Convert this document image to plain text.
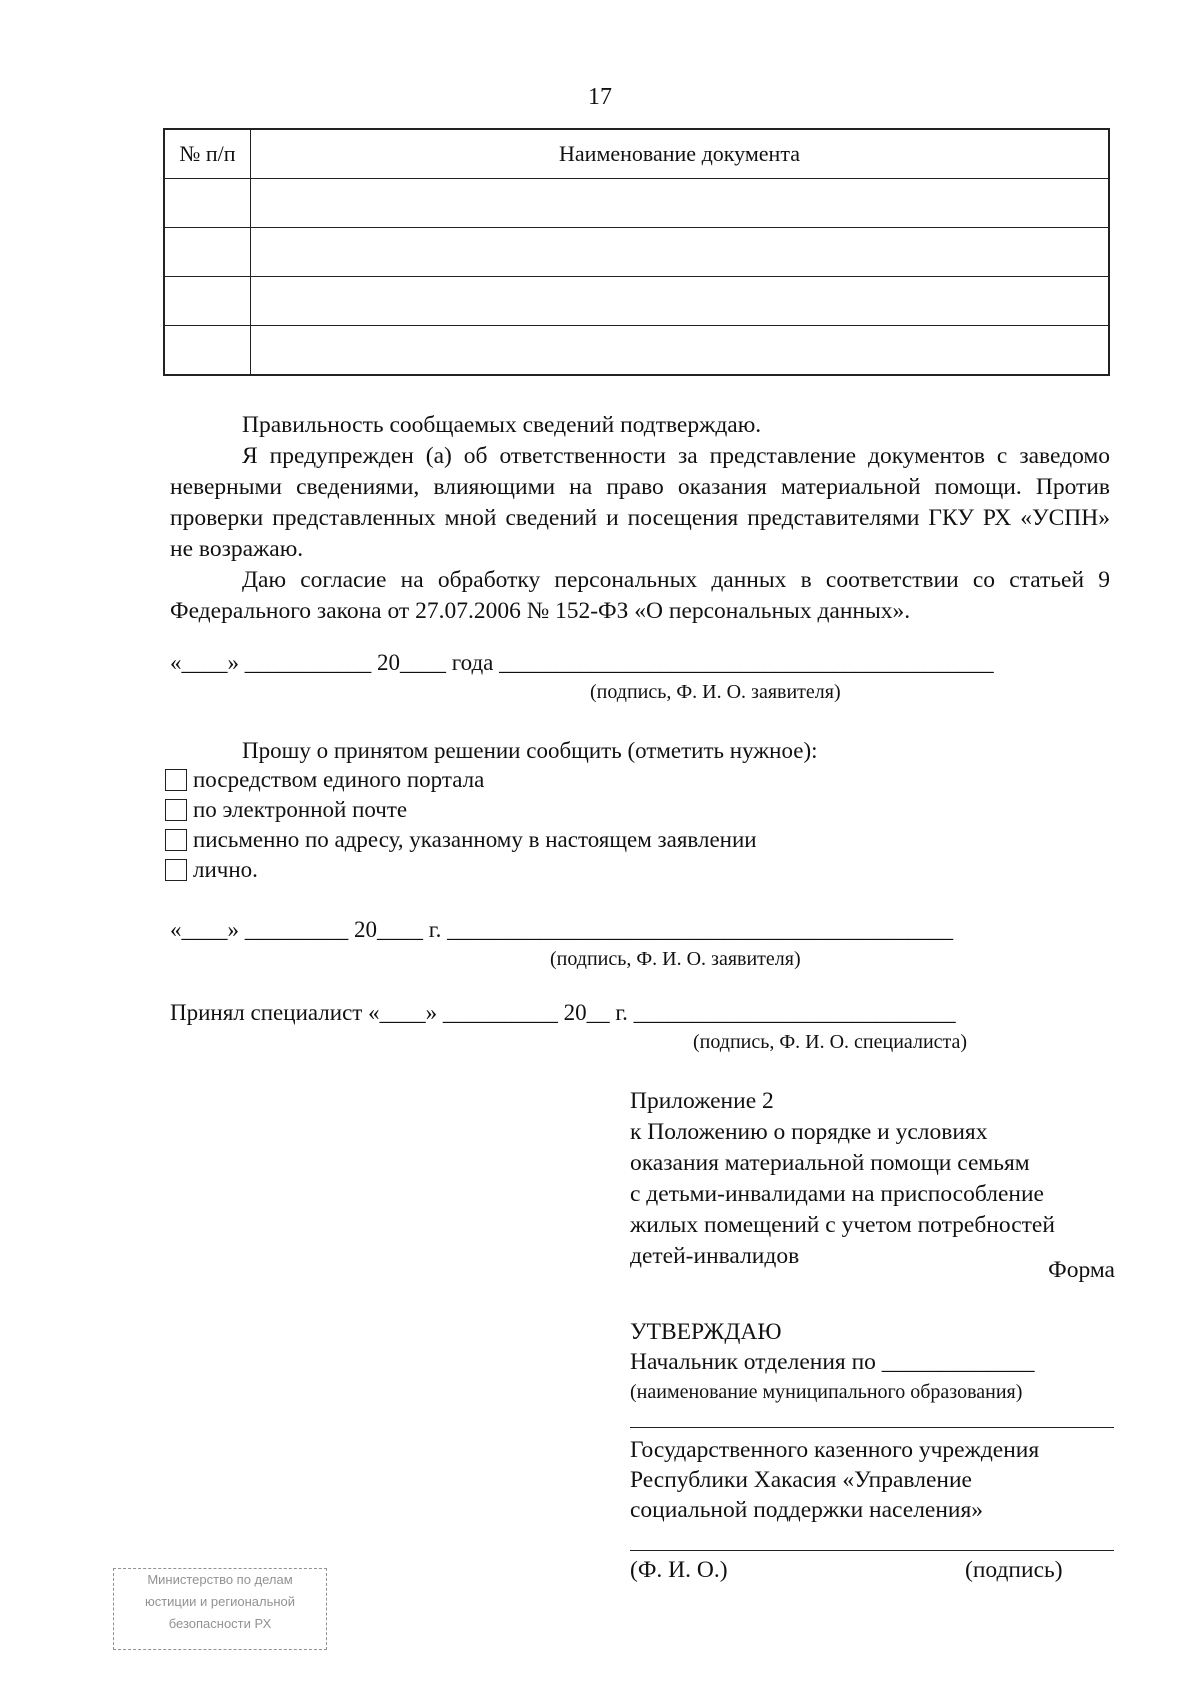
17
№ п/п	Наименование документа

Правильность сообщаемых сведений подтверждаю.

Я предупрежден (а) об ответственности за представление документов с заведомо неверными сведениями, влияющими на право оказания материальной помощи. Против проверки представленных мной сведений и посещения представителями ГКУ РХ «УСПН» не возражаю.

Даю согласие на обработку персональных данных в соответствии со статьей 9 Федерального закона от 27.07.2006 № 152-ФЗ «О персональных данных».

«____» ___________ 20____ года ___________________________________________
(подпись, Ф. И. О. заявителя)
Прошу о принятом решении сообщить (отметить нужное):
посредством единого портала
по электронной почте
письменно по адресу, указанному в настоящем заявлении
лично.
«____» _________ 20____ г. ____________________________________________
(подпись, Ф. И. О. заявителя)
Принял специалист «____» __________ 20__ г. ____________________________
(подпись, Ф. И. О. специалиста)
Приложение 2
к Положению о порядке и условиях
оказания материальной помощи семьям
с детьми-инвалидами на приспособление
жилых помещений с учетом потребностей
детей-инвалидов
Форма
УТВЕРЖДАЮ
Начальник отделения по _____________
(наименование муниципального образования)
Государственного казенного учреждения
Республики Хакасия «Управление
социальной поддержки населения»
(Ф. И. О.)	(подпись)
Министерство по делам
юстиции и региональной
безопасности РХ
